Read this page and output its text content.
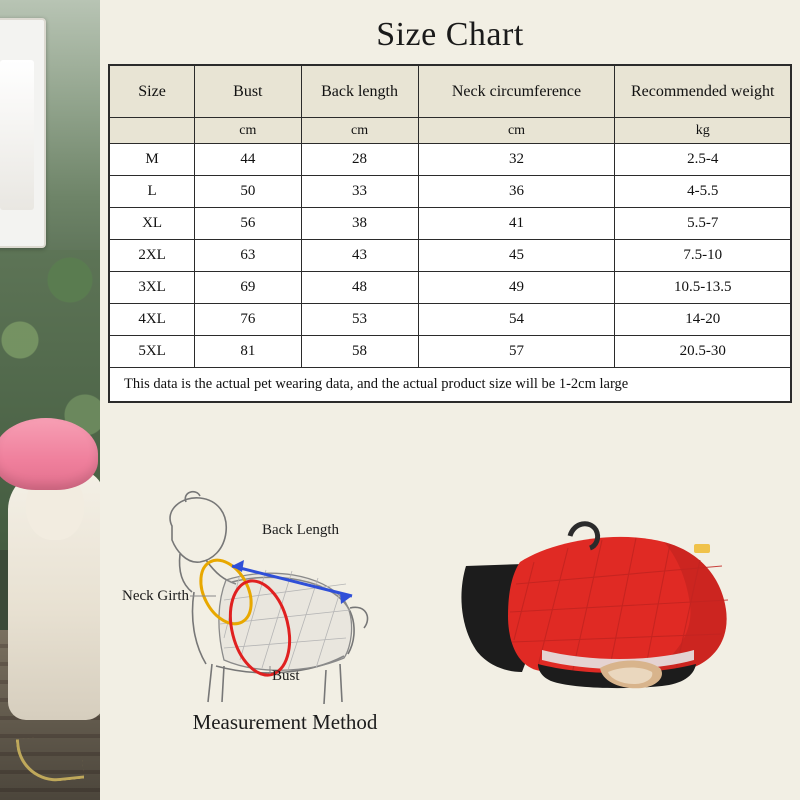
Size Chart
Size	Bust	Back length	Neck circumference	Recommended weight
	cm	cm	cm	kg
M	44	28	32	2.5-4
L	50	33	36	4-5.5
XL	56	38	41	5.5-7
2XL	63	43	45	7.5-10
3XL	69	48	49	10.5-13.5
4XL	76	53	54	14-20
5XL	81	58	57	20.5-30
This data is the actual pet wearing data, and the actual product size will be 1-2cm large				
Back Length
Neck Girth
Bust
Measurement Method
